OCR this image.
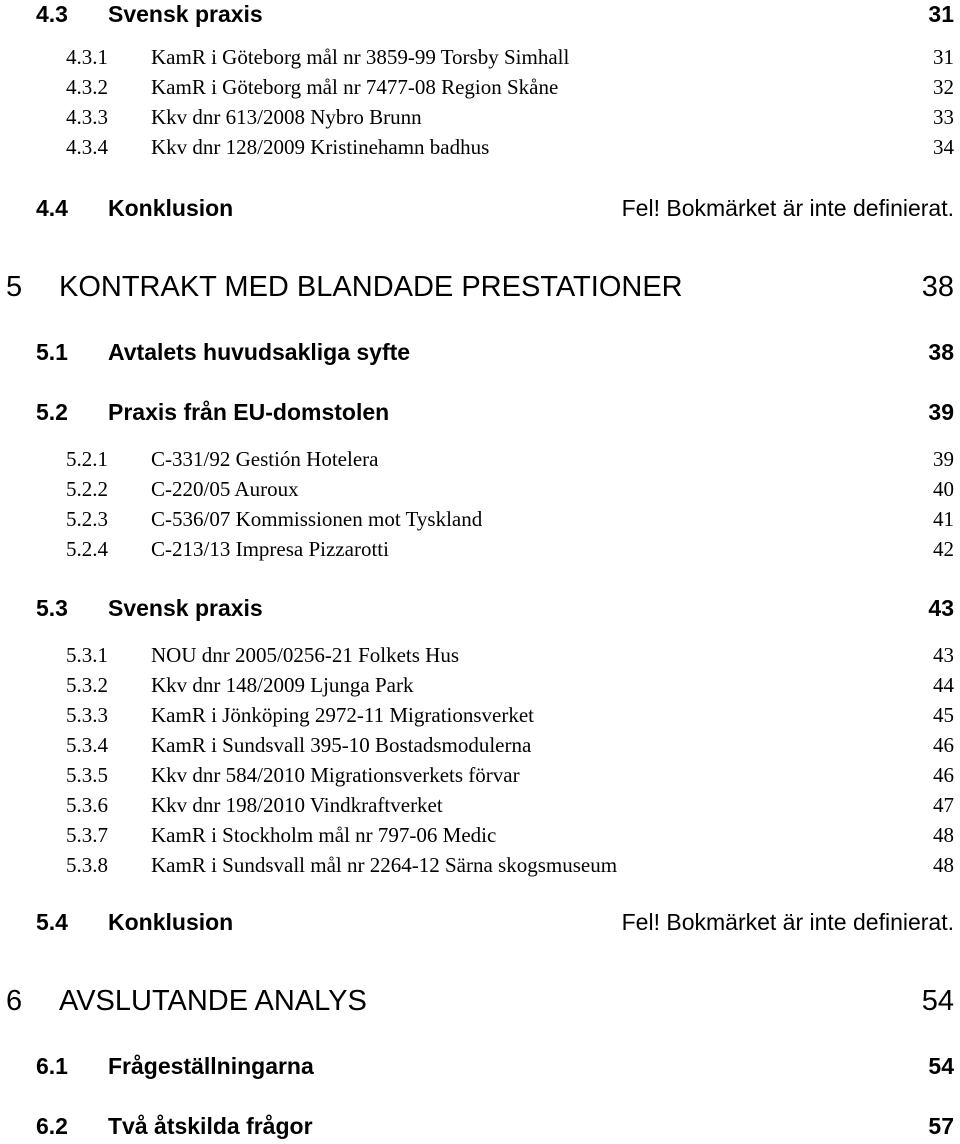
4.3 Svensk praxis	31
4.3.1 KamR i Göteborg mål nr 3859-99 Torsby Simhall	31
4.3.2 KamR i Göteborg mål nr 7477-08 Region Skåne	32
4.3.3 Kkv dnr 613/2008 Nybro Brunn	33
4.3.4 Kkv dnr 128/2009 Kristinehamn badhus	34
4.4 Konklusion	Fel! Bokmärket är inte definierat.
5 KONTRAKT MED BLANDADE PRESTATIONER	38
5.1 Avtalets huvudsakliga syfte	38
5.2 Praxis från EU-domstolen	39
5.2.1 C-331/92 Gestión Hotelera	39
5.2.2 C-220/05 Auroux	40
5.2.3 C-536/07 Kommissionen mot Tyskland	41
5.2.4 C-213/13 Impresa Pizzarotti	42
5.3 Svensk praxis	43
5.3.1 NOU dnr 2005/0256-21 Folkets Hus	43
5.3.2 Kkv dnr 148/2009 Ljunga Park	44
5.3.3 KamR i Jönköping 2972-11 Migrationsverket	45
5.3.4 KamR i Sundsvall 395-10 Bostadsmodulerna	46
5.3.5 Kkv dnr 584/2010 Migrationsverkets förvar	46
5.3.6 Kkv dnr 198/2010 Vindkraftverket	47
5.3.7 KamR i Stockholm mål nr 797-06 Medic	48
5.3.8 KamR i Sundsvall mål nr 2264-12 Särna skogsmuseum	48
5.4 Konklusion	Fel! Bokmärket är inte definierat.
6 AVSLUTANDE ANALYS	54
6.1 Frågeställningarna	54
6.2 Två åtskilda frågor	57
